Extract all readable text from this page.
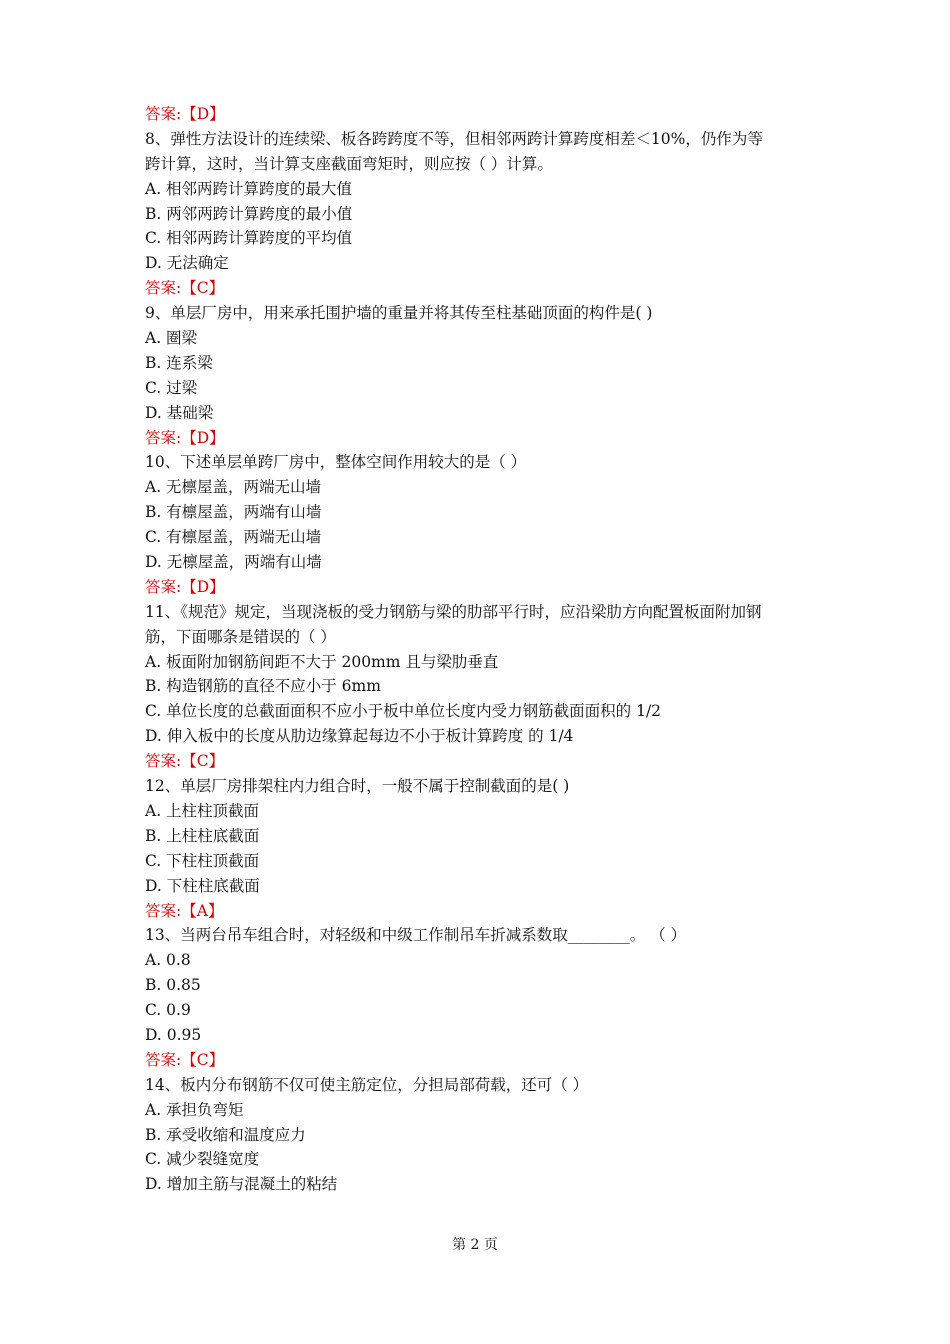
答案:【D】
8、弹性方法设计的连续梁、板各跨跨度不等，但相邻两跨计算跨度相差＜10%，仍作为等
跨计算，这时，当计算支座截面弯矩时，则应按（ ）计算。
A. 相邻两跨计算跨度的最大值
B. 两邻两跨计算跨度的最小值
C. 相邻两跨计算跨度的平均值
D. 无法确定
答案:【C】
9、单层厂房中，用来承托围护墙的重量并将其传至柱基础顶面的构件是( )
A. 圈梁
B. 连系梁
C. 过梁
D. 基础梁
答案:【D】
10、下述单层单跨厂房中，整体空间作用较大的是（ ）
A. 无檩屋盖，两端无山墙
B. 有檩屋盖，两端有山墙
C. 有檩屋盖，两端无山墙
D. 无檩屋盖，两端有山墙
答案:【D】
11、《规范》规定，当现浇板的受力钢筋与梁的肋部平行时，应沿梁肋方向配置板面附加钢
筋，下面哪条是错误的（ ）
A. 板面附加钢筋间距不大于 200mm 且与梁肋垂直
B. 构造钢筋的直径不应小于 6mm
C. 单位长度的总截面面积不应小于板中单位长度内受力钢筋截面面积的 1/2
D. 伸入板中的长度从肋边缘算起每边不小于板计算跨度 的 1/4
答案:【C】
12、单层厂房排架柱内力组合时，一般不属于控制截面的是( )
A. 上柱柱顶截面
B. 上柱柱底截面
C. 下柱柱顶截面
D. 下柱柱底截面
答案:【A】
13、当两台吊车组合时，对轻级和中级工作制吊车折减系数取________。 （ ）
A. 0.8
B. 0.85
C. 0.9
D. 0.95
答案:【C】
14、板内分布钢筋不仅可使主筋定位，分担局部荷载，还可（ ）
A. 承担负弯矩
B. 承受收缩和温度应力
C. 减少裂缝宽度
D. 增加主筋与混凝土的粘结
第 2 页
